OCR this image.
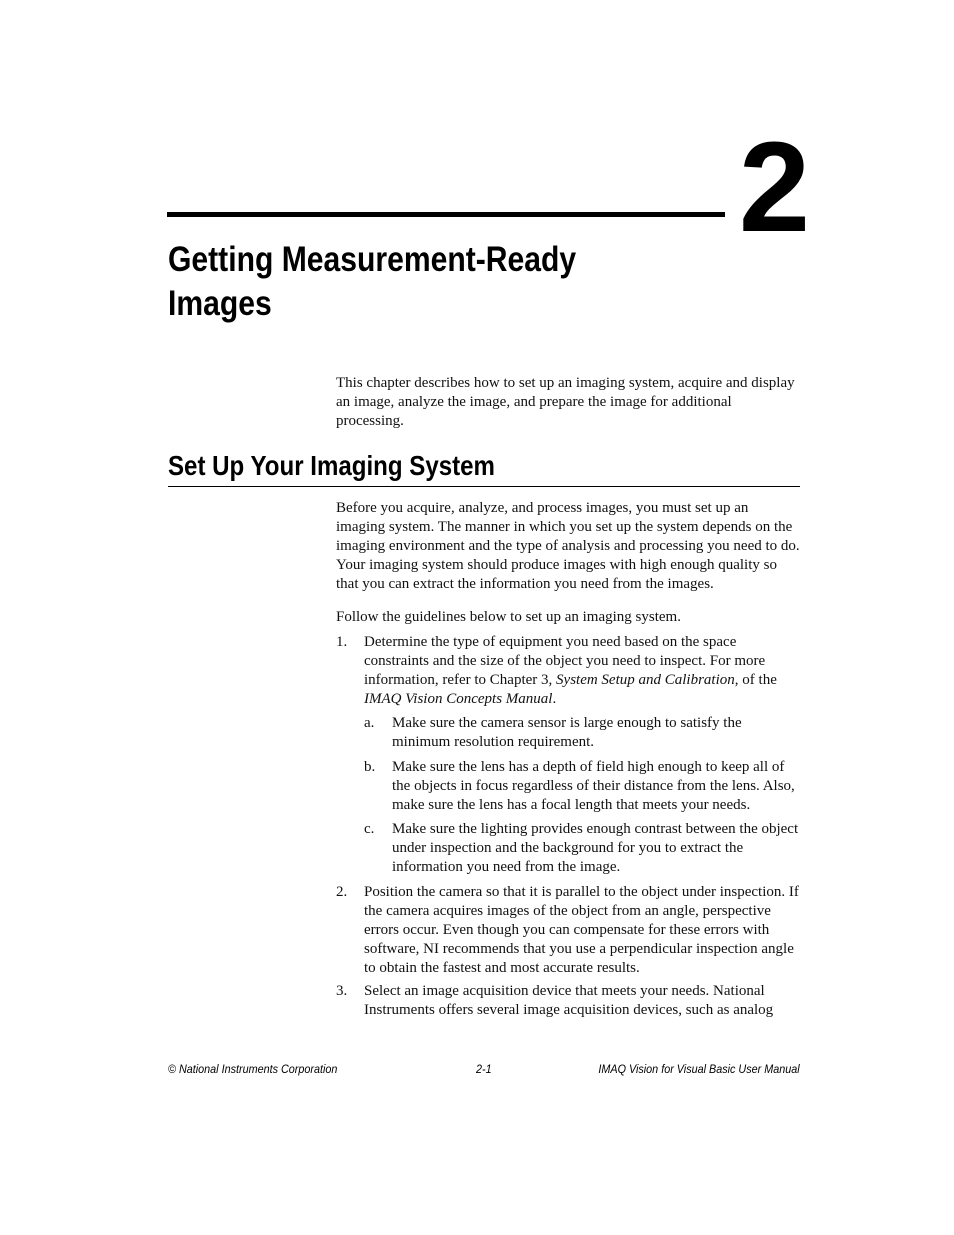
2
Getting Measurement-Ready
Images

This chapter describes how to set up an imaging system, acquire and display an image, analyze the image, and prepare the image for additional processing.

Set Up Your Imaging System

Before you acquire, analyze, and process images, you must set up an imaging system. The manner in which you set up the system depends on the imaging environment and the type of analysis and processing you need to do. Your imaging system should produce images with high enough quality so that you can extract the information you need from the images.

Follow the guidelines below to set up an imaging system.

1. Determine the type of equipment you need based on the space constraints and the size of the object you need to inspect. For more information, refer to Chapter 3, System Setup and Calibration, of the IMAQ Vision Concepts Manual.
a. Make sure the camera sensor is large enough to satisfy the minimum resolution requirement.
b. Make sure the lens has a depth of field high enough to keep all of the objects in focus regardless of their distance from the lens. Also, make sure the lens has a focal length that meets your needs.
c. Make sure the lighting provides enough contrast between the object under inspection and the background for you to extract the information you need from the image.
2. Position the camera so that it is parallel to the object under inspection. If the camera acquires images of the object from an angle, perspective errors occur. Even though you can compensate for these errors with software, NI recommends that you use a perpendicular inspection angle to obtain the fastest and most accurate results.
3. Select an image acquisition device that meets your needs. National Instruments offers several image acquisition devices, such as analog
© National Instruments Corporation	2-1	IMAQ Vision for Visual Basic User Manual
